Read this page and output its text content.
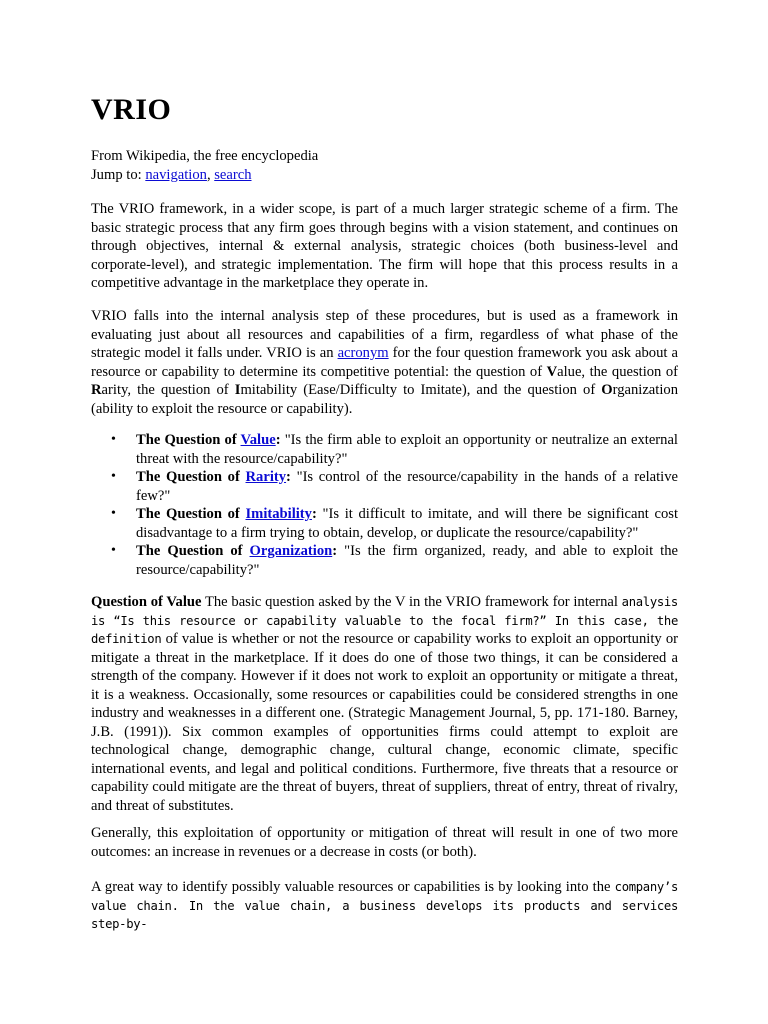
VRIO
From Wikipedia, the free encyclopedia
Jump to: navigation, search

The VRIO framework, in a wider scope, is part of a much larger strategic scheme of a firm. The basic strategic process that any firm goes through begins with a vision statement, and continues on through objectives, internal & external analysis, strategic choices (both business-level and corporate-level), and strategic implementation. The firm will hope that this process results in a competitive advantage in the marketplace they operate in.

VRIO falls into the internal analysis step of these procedures, but is used as a framework in evaluating just about all resources and capabilities of a firm, regardless of what phase of the strategic model it falls under. VRIO is an acronym for the four question framework you ask about a resource or capability to determine its competitive potential: the question of Value, the question of Rarity, the question of Imitability (Ease/Difficulty to Imitate), and the question of Organization (ability to exploit the resource or capability).

• The Question of Value: "Is the firm able to exploit an opportunity or neutralize an external threat with the resource/capability?"
• The Question of Rarity: "Is control of the resource/capability in the hands of a relative few?"
• The Question of Imitability: "Is it difficult to imitate, and will there be significant cost disadvantage to a firm trying to obtain, develop, or duplicate the resource/capability?"
• The Question of Organization: "Is the firm organized, ready, and able to exploit the resource/capability?"

Question of Value The basic question asked by the V in the VRIO framework for internal analysis is “Is this resource or capability valuable to the focal firm?” In this case, the definition of value is whether or not the resource or capability works to exploit an opportunity or mitigate a threat in the marketplace. If it does do one of those two things, it can be considered a strength of the company. However if it does not work to exploit an opportunity or mitigate a threat, it is a weakness. Occasionally, some resources or capabilities could be considered strengths in one industry and weaknesses in a different one. (Strategic Management Journal, 5, pp. 171-180. Barney, J.B. (1991)). Six common examples of opportunities firms could attempt to exploit are technological change, demographic change, cultural change, economic climate, specific international events, and legal and political conditions. Furthermore, five threats that a resource or capability could mitigate are the threat of buyers, threat of suppliers, threat of entry, threat of rivalry, and threat of substitutes.

Generally, this exploitation of opportunity or mitigation of threat will result in one of two more outcomes: an increase in revenues or a decrease in costs (or both).

A great way to identify possibly valuable resources or capabilities is by looking into the company’s value chain. In the value chain, a business develops its products and services step-by-
